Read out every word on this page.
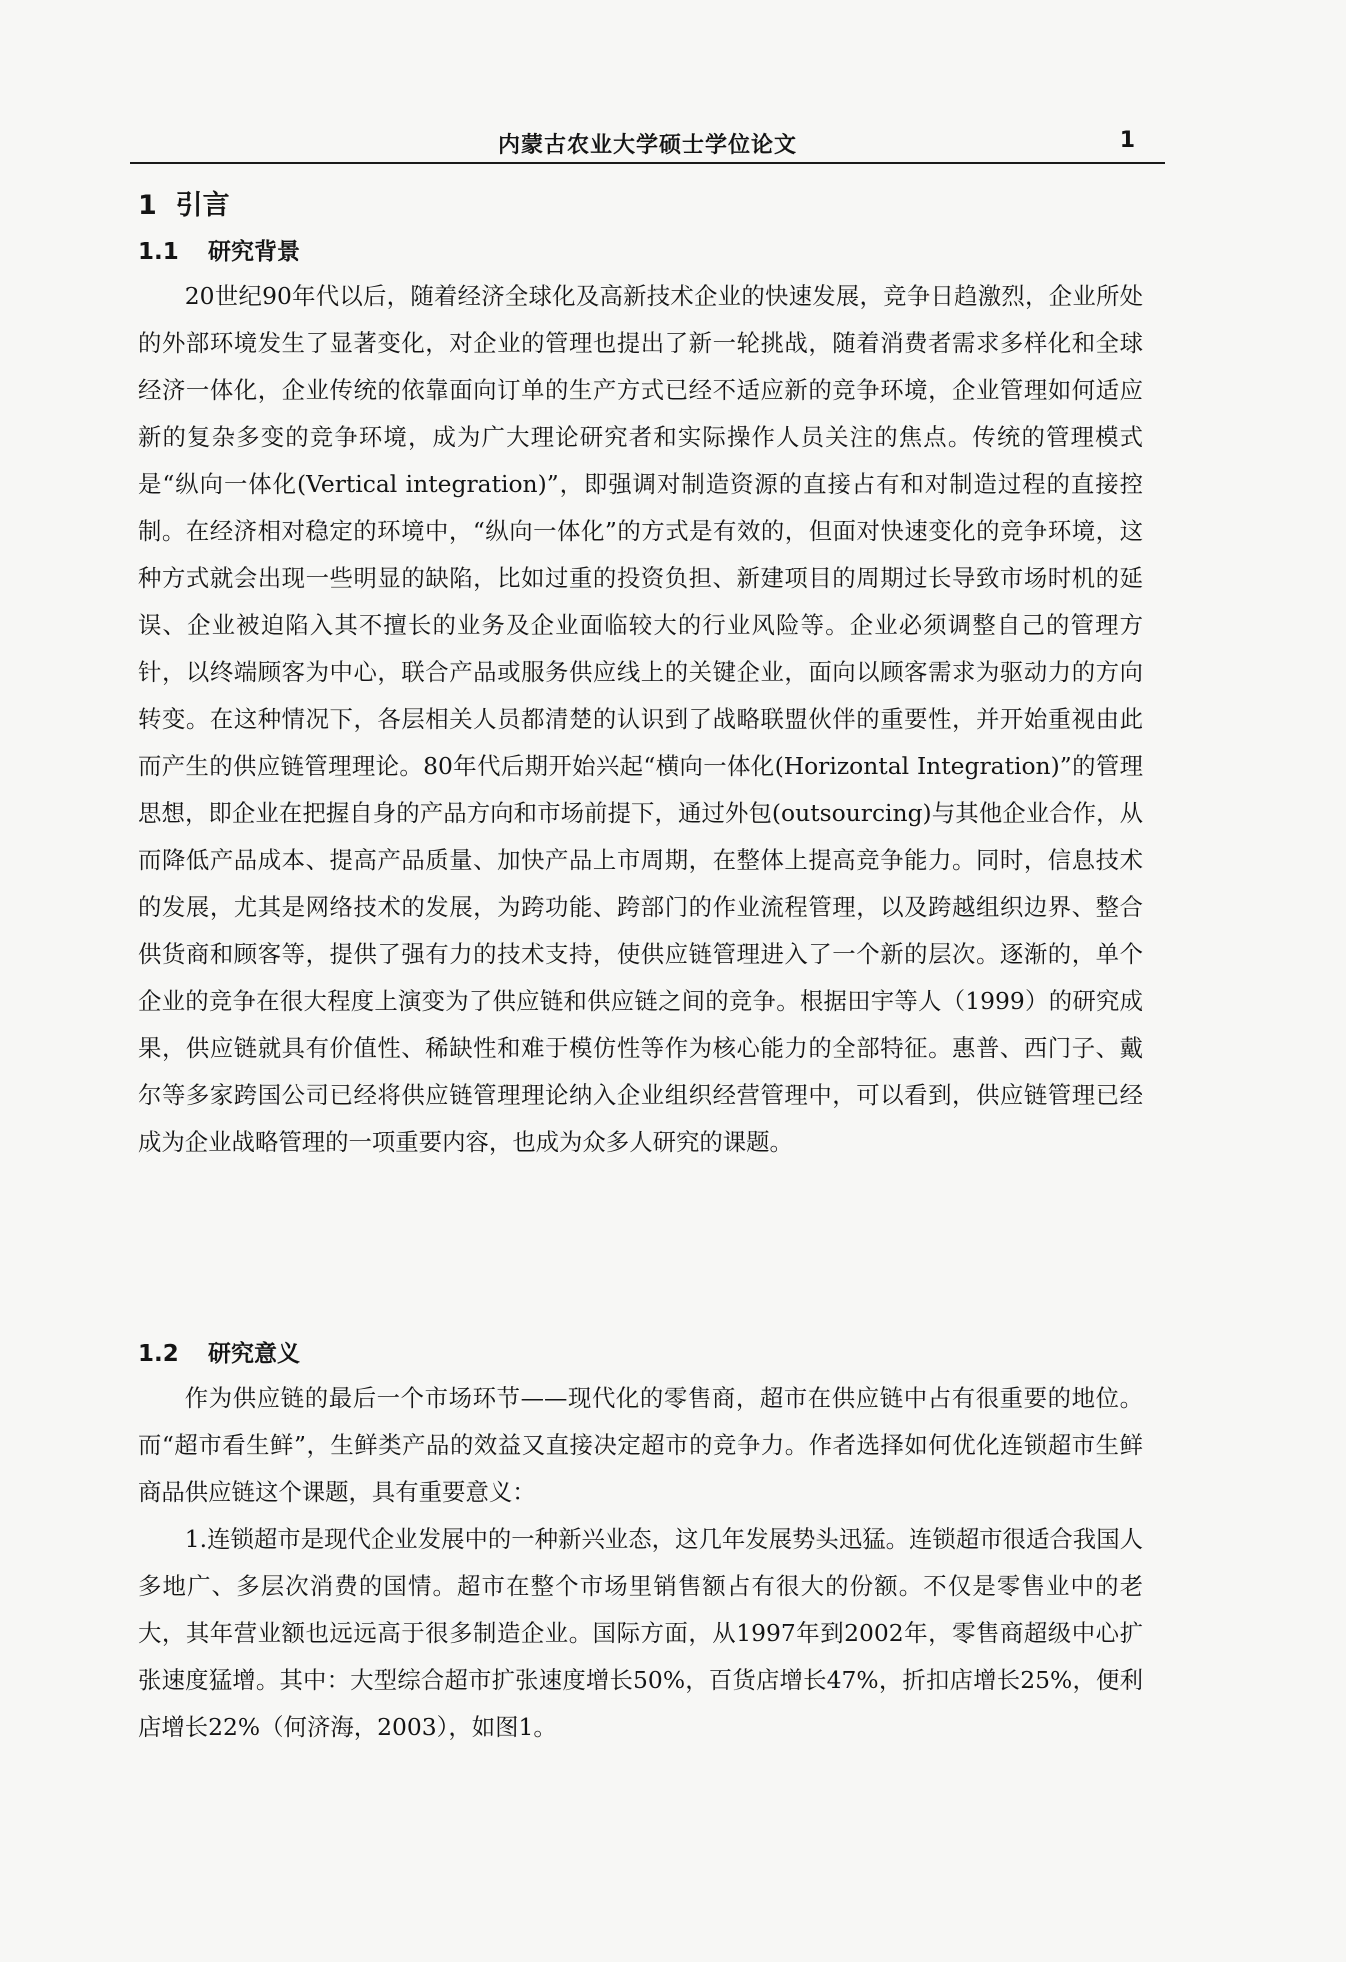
内蒙古农业大学硕士学位论文	1
1 引言
1.1 研究背景

20世纪90年代以后，随着经济全球化及高新技术企业的快速发展，竞争日趋激烈，企业所处的外部环境发生了显著变化，对企业的管理也提出了新一轮挑战，随着消费者需求多样化和全球经济一体化，企业传统的依靠面向订单的生产方式已经不适应新的竞争环境，企业管理如何适应新的复杂多变的竞争环境，成为广大理论研究者和实际操作人员关注的焦点。传统的管理模式是“纵向一体化(Vertical integration)”，即强调对制造资源的直接占有和对制造过程的直接控制。在经济相对稳定的环境中，“纵向一体化”的方式是有效的，但面对快速变化的竞争环境，这种方式就会出现一些明显的缺陷，比如过重的投资负担、新建项目的周期过长导致市场时机的延误、企业被迫陷入其不擅长的业务及企业面临较大的行业风险等。企业必须调整自己的管理方针，以终端顾客为中心，联合产品或服务供应线上的关键企业，面向以顾客需求为驱动力的方向转变。在这种情况下，各层相关人员都清楚的认识到了战略联盟伙伴的重要性，并开始重视由此而产生的供应链管理理论。80年代后期开始兴起“横向一体化(Horizontal Integration)”的管理思想，即企业在把握自身的产品方向和市场前提下，通过外包(outsourcing)与其他企业合作，从而降低产品成本、提高产品质量、加快产品上市周期，在整体上提高竞争能力。同时，信息技术的发展，尤其是网络技术的发展，为跨功能、跨部门的作业流程管理，以及跨越组织边界、整合供货商和顾客等，提供了强有力的技术支持，使供应链管理进入了一个新的层次。逐渐的，单个企业的竞争在很大程度上演变为了供应链和供应链之间的竞争。根据田宇等人（1999）的研究成果，供应链就具有价值性、稀缺性和难于模仿性等作为核心能力的全部特征。惠普、西门子、戴尔等多家跨国公司已经将供应链管理理论纳入企业组织经营管理中，可以看到，供应链管理已经成为企业战略管理的一项重要内容，也成为众多人研究的课题。

1.2 研究意义

作为供应链的最后一个市场环节——现代化的零售商，超市在供应链中占有很重要的地位。而“超市看生鲜”，生鲜类产品的效益又直接决定超市的竞争力。作者选择如何优化连锁超市生鲜商品供应链这个课题，具有重要意义：

1.连锁超市是现代企业发展中的一种新兴业态，这几年发展势头迅猛。连锁超市很适合我国人多地广、多层次消费的国情。超市在整个市场里销售额占有很大的份额。不仅是零售业中的老大，其年营业额也远远高于很多制造企业。国际方面，从1997年到2002年，零售商超级中心扩张速度猛增。其中：大型综合超市扩张速度增长50%，百货店增长47%，折扣店增长25%，便利店增长22%（何济海，2003），如图1。
